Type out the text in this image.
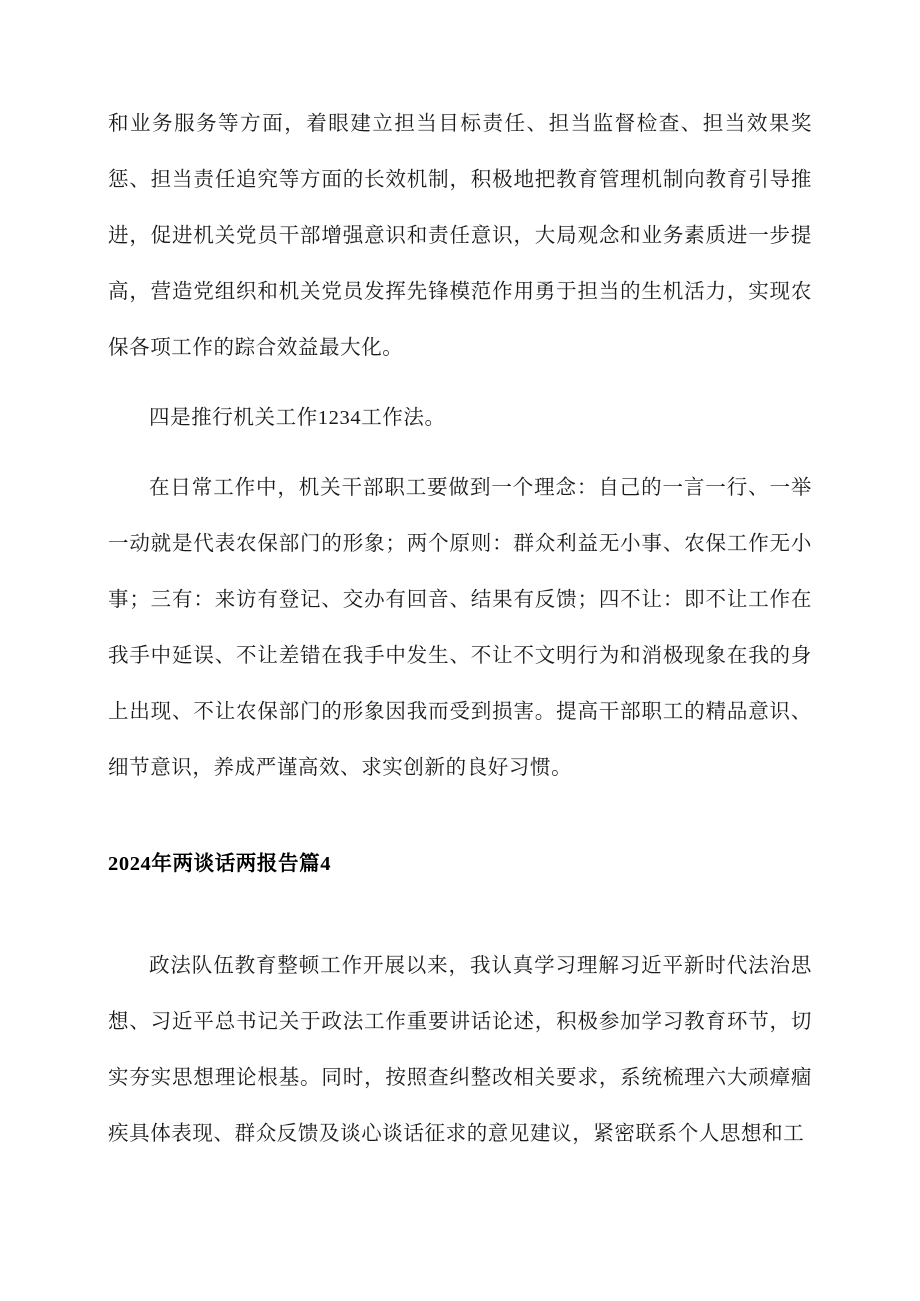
和业务服务等方面，着眼建立担当目标责任、担当监督检查、担当效果奖惩、担当责任追究等方面的长效机制，积极地把教育管理机制向教育引导推进，促进机关党员干部增强意识和责任意识，大局观念和业务素质进一步提高，营造党组织和机关党员发挥先锋模范作用勇于担当的生机活力，实现农保各项工作的踪合效益最大化。

四是推行机关工作1234工作法。

在日常工作中，机关干部职工要做到一个理念：自己的一言一行、一举一动就是代表农保部门的形象；两个原则：群众利益无小事、农保工作无小事；三有：来访有登记、交办有回音、结果有反馈；四不让：即不让工作在我手中延误、不让差错在我手中发生、不让不文明行为和消极现象在我的身上出现、不让农保部门的形象因我而受到损害。提高干部职工的精品意识、细节意识，养成严谨高效、求实创新的良好习惯。

2024年两谈话两报告篇4

政法队伍教育整顿工作开展以来，我认真学习理解习近平新时代法治思想、习近平总书记关于政法工作重要讲话论述，积极参加学习教育环节，切实夯实思想理论根基。同时，按照查纠整改相关要求，系统梳理六大顽瘴痼疾具体表现、群众反馈及谈心谈话征求的意见建议，紧密联系个人思想和工
